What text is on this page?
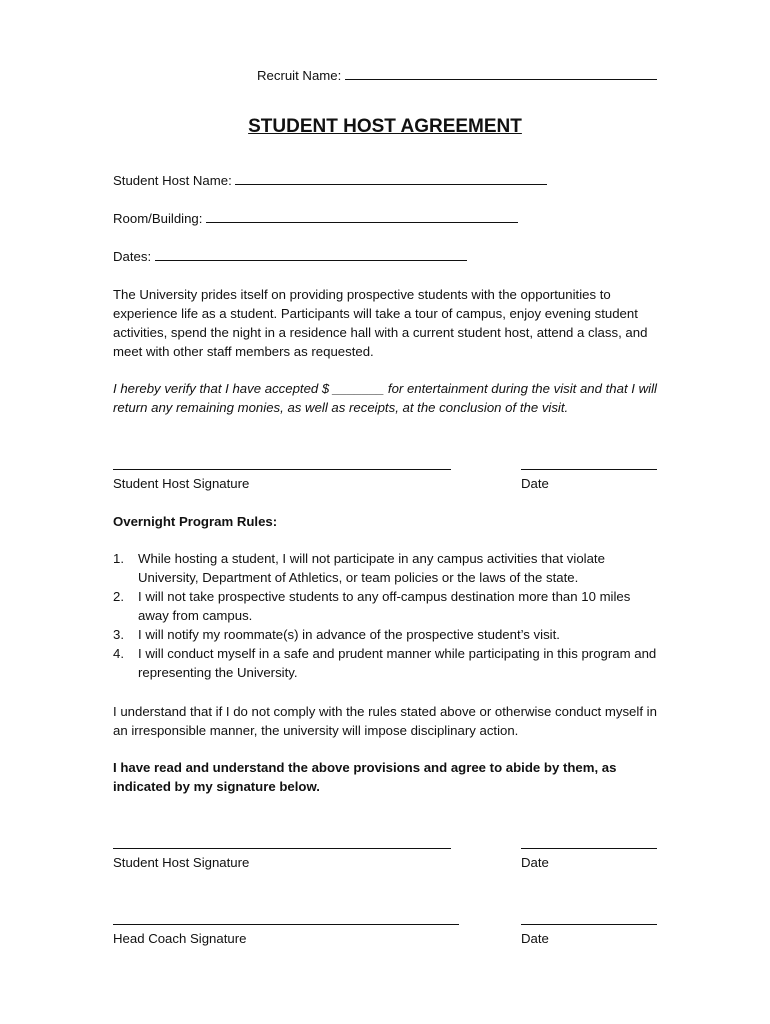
Recruit Name:
STUDENT HOST AGREEMENT
Student Host Name:
Room/Building:
Dates:
The University prides itself on providing prospective students with the opportunities to experience life as a student. Participants will take a tour of campus, enjoy evening student activities, spend the night in a residence hall with a current student host, attend a class, and meet with other staff members as requested.
I hereby verify that I have accepted $ _______ for entertainment during the visit and that I will return any remaining monies, as well as receipts, at the conclusion of the visit.
Student Host Signature	Date
Overnight Program Rules:
1. While hosting a student, I will not participate in any campus activities that violate University, Department of Athletics, or team policies or the laws of the state.
2. I will not take prospective students to any off-campus destination more than 10 miles away from campus.
3. I will notify my roommate(s) in advance of the prospective student’s visit.
4. I will conduct myself in a safe and prudent manner while participating in this program and representing the University.
I understand that if I do not comply with the rules stated above or otherwise conduct myself in an irresponsible manner, the university will impose disciplinary action.
I have read and understand the above provisions and agree to abide by them, as indicated by my signature below.
Student Host Signature	Date
Head Coach Signature	Date
